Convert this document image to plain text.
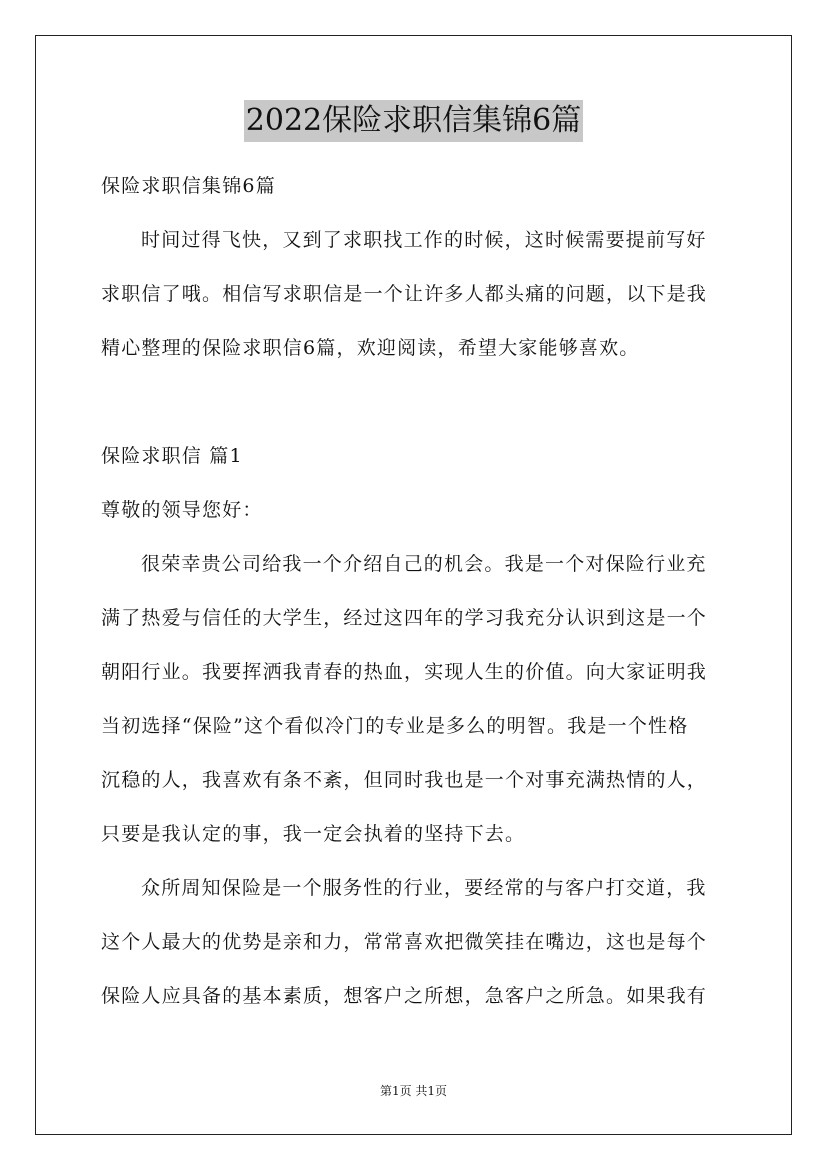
2022保险求职信集锦6篇
保险求职信集锦6篇
时间过得飞快，又到了求职找工作的时候，这时候需要提前写好
求职信了哦。相信写求职信是一个让许多人都头痛的问题，以下是我
精心整理的保险求职信6篇，欢迎阅读，希望大家能够喜欢。
保险求职信 篇1
尊敬的领导您好：
很荣幸贵公司给我一个介绍自己的机会。我是一个对保险行业充
满了热爱与信任的大学生，经过这四年的学习我充分认识到这是一个
朝阳行业。我要挥洒我青春的热血，实现人生的价值。向大家证明我
当初选择“保险”这个看似冷门的专业是多么的明智。我是一个性格
沉稳的人，我喜欢有条不紊，但同时我也是一个对事充满热情的人，
只要是我认定的事，我一定会执着的坚持下去。
众所周知保险是一个服务性的行业，要经常的与客户打交道，我
这个人最大的优势是亲和力，常常喜欢把微笑挂在嘴边，这也是每个
保险人应具备的基本素质，想客户之所想，急客户之所急。如果我有
第1页 共1页
